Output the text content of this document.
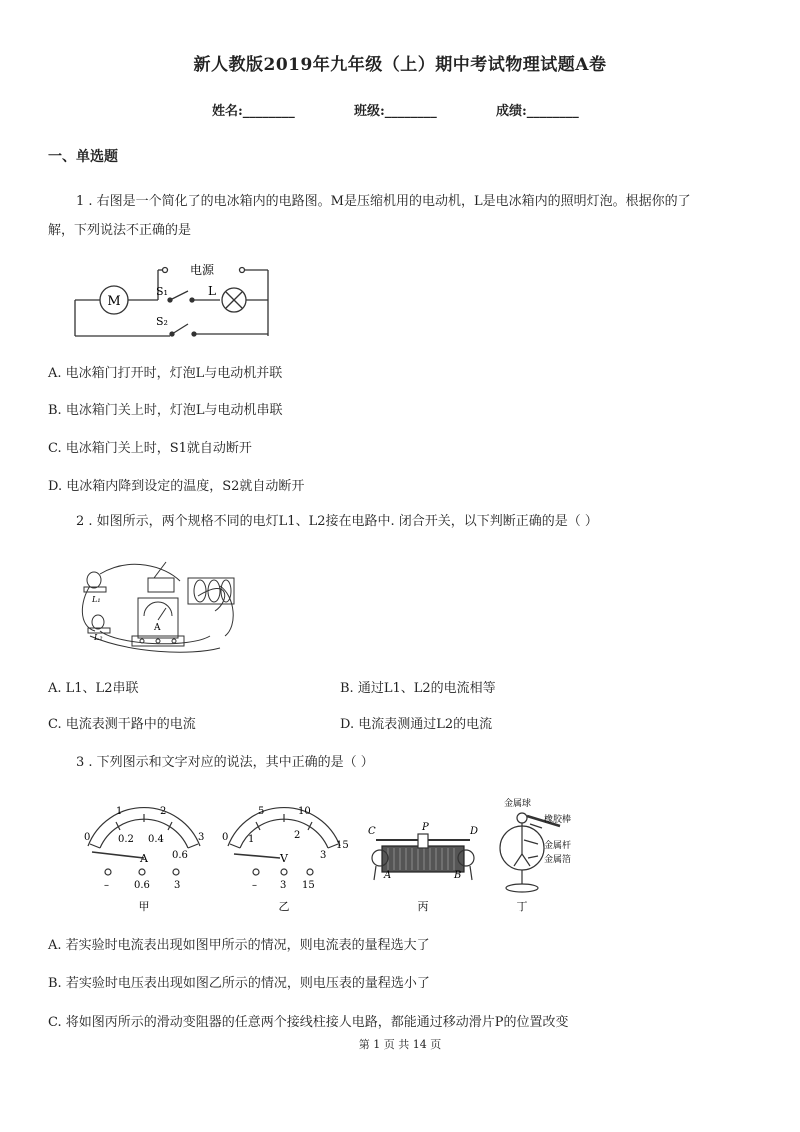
新人教版2019年九年级（上）期中考试物理试题A卷
姓名:________	班级:________	成绩:________
一、单选题
1 . 右图是一个简化了的电冰箱内的电路图。M是压缩机用的电动机，L是电冰箱内的照明灯泡。根据你的了
解，下列说法不正确的是
M
电源
S₁	L
S₂
A. 电冰箱门打开时，灯泡L与电动机并联
B. 电冰箱门关上时，灯泡L与电动机串联
C. 电冰箱门关上时，S1就自动断开
D. 电冰箱内降到设定的温度，S2就自动断开
2 . 如图所示，两个规格不同的电灯L1、L2接在电路中. 闭合开关，以下判断正确的是（ ）
L₁
L₂
A
A. L1、L2串联	B. 通过L1、L2的电流相等
C. 电流表测干路中的电流	D. 电流表测通过L2的电流
3 . 下列图示和文字对应的说法，其中正确的是（ ）
0
1	2
3
0.2 0.4
0.6
A
–	0.6 3
甲
0
5	10
15
1	2
3
V
– 3 15
乙
C	P	D
A	B
丙
金属球
橡胶棒
金属杆
金属箔
丁
A. 若实验时电流表出现如图甲所示的情况，则电流表的量程选大了
B. 若实验时电压表出现如图乙所示的情况，则电压表的量程选小了
C. 将如图丙所示的滑动变阻器的任意两个接线柱接人电路，都能通过移动滑片P的位置改变
第 1 页 共 14 页
